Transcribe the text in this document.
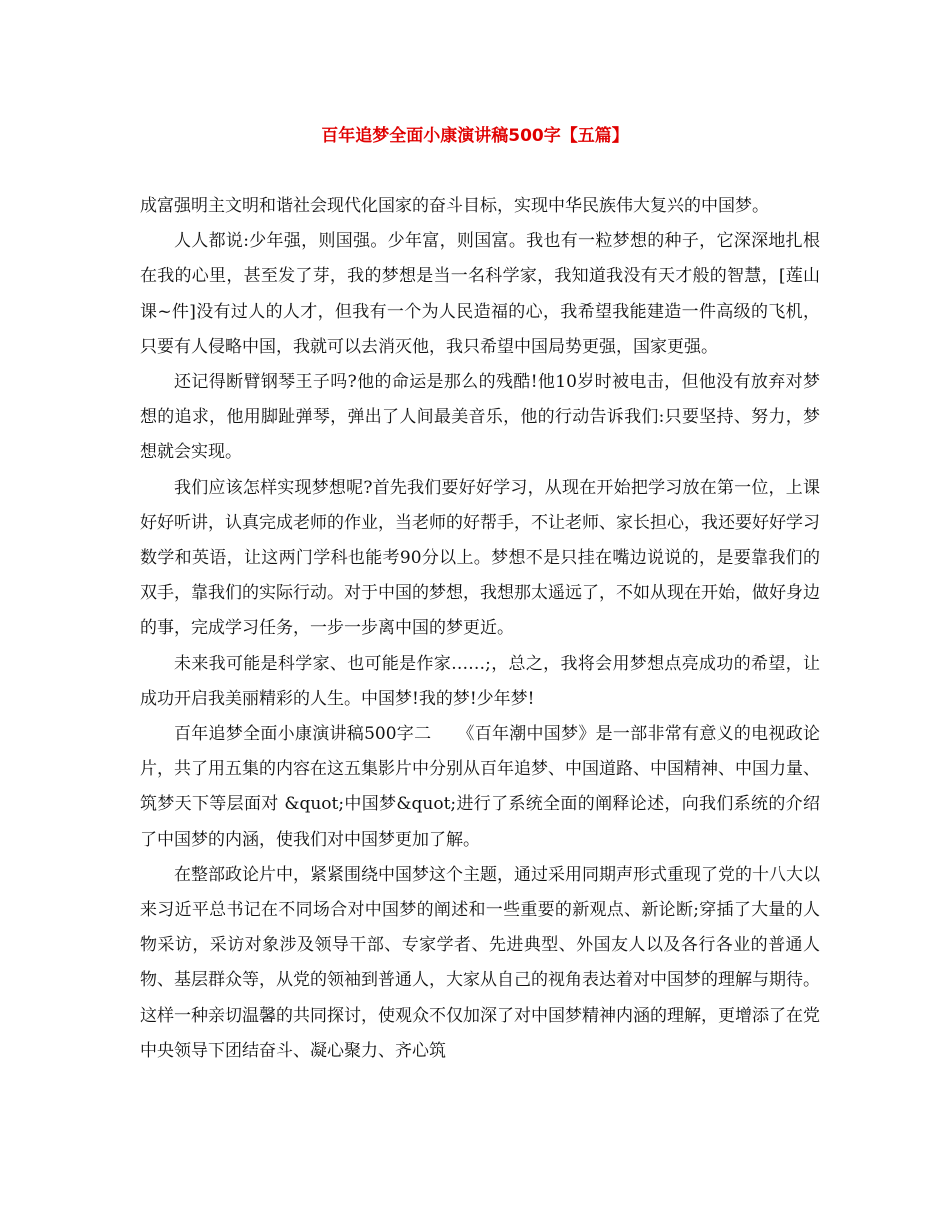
百年追梦全面小康演讲稿500字【五篇】

成富强明主文明和谐社会现代化国家的奋斗目标，实现中华民族伟大复兴的中国梦。

人人都说:少年强，则国强。少年富，则国富。我也有一粒梦想的种子，它深深地扎根在我的心里，甚至发了芽，我的梦想是当一名科学家，我知道我没有天才般的智慧，[莲山 课~件]没有过人的人才，但我有一个为人民造福的心，我希望我能建造一件高级的飞机，只要有人侵略中国，我就可以去消灭他，我只希望中国局势更强，国家更强。

还记得断臂钢琴王子吗?他的命运是那么的残酷!他10岁时被电击，但他没有放弃对梦想的追求，他用脚趾弹琴，弹出了人间最美音乐，他的行动告诉我们:只要坚持、努力，梦想就会实现。

我们应该怎样实现梦想呢?首先我们要好好学习，从现在开始把学习放在第一位，上课好好听讲，认真完成老师的作业，当老师的好帮手，不让老师、家长担心，我还要好好学习数学和英语，让这两门学科也能考90分以上。梦想不是只挂在嘴边说说的，是要靠我们的双手，靠我们的实际行动。对于中国的梦想，我想那太遥远了，不如从现在开始，做好身边的事，完成学习任务，一步一步离中国的梦更近。

未来我可能是科学家、也可能是作家……;，总之，我将会用梦想点亮成功的希望，让成功开启我美丽精彩的人生。中国梦!我的梦!少年梦!

百年追梦全面小康演讲稿500字二　　《百年潮中国梦》是一部非常有意义的电视政论片，共了用五集的内容在这五集影片中分别从百年追梦、中国道路、中国精神、中国力量、筑梦天下等层面对 &quot;中国梦&quot;进行了系统全面的阐释论述，向我们系统的介绍了中国梦的内涵，使我们对中国梦更加了解。

在整部政论片中，紧紧围绕中国梦这个主题，通过采用同期声形式重现了党的十八大以来习近平总书记在不同场合对中国梦的阐述和一些重要的新观点、新论断;穿插了大量的人物采访，采访对象涉及领导干部、专家学者、先进典型、外国友人以及各行各业的普通人物、基层群众等，从党的领袖到普通人，大家从自己的视角表达着对中国梦的理解与期待。这样一种亲切温馨的共同探讨，使观众不仅加深了对中国梦精神内涵的理解，更增添了在党中央领导下团结奋斗、凝心聚力、齐心筑
